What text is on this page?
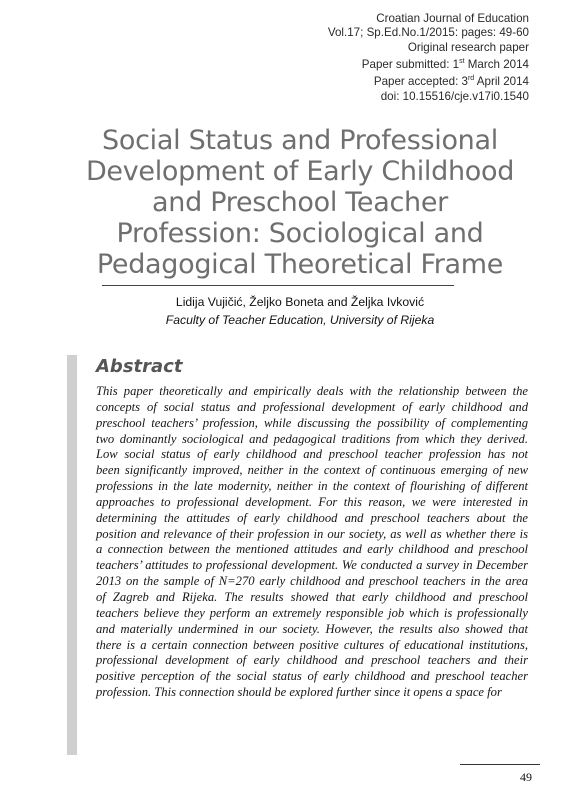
Croatian Journal of Education
Vol.17; Sp.Ed.No.1/2015: pages: 49-60
Original research paper
Paper submitted: 1st March 2014
Paper accepted: 3rd April 2014
doi: 10.15516/cje.v17i0.1540
Social Status and Professional
Development of Early Childhood
and Preschool Teacher
Profession: Sociological and
Pedagogical Theoretical Frame
Lidija Vujičić, Željko Boneta and Željka Ivković
Faculty of Teacher Education, University of Rijeka
Abstract
This paper theoretically and empirically deals with the relationship between the
concepts of social status and professional development of early childhood and
preschool teachers’ profession, while discussing the possibility of complementing
two dominantly sociological and pedagogical traditions from which they derived.
Low social status of early childhood and preschool teacher profession has not
been significantly improved, neither in the context of continuous emerging of new
professions in the late modernity, neither in the context of flourishing of different
approaches to professional development. For this reason, we were interested in
determining the attitudes of early childhood and preschool teachers about the
position and relevance of their profession in our society, as well as whether there is
a connection between the mentioned attitudes and early childhood and preschool
teachers’ attitudes to professional development. We conducted a survey in December
2013 on the sample of N=270 early childhood and preschool teachers in the area
of Zagreb and Rijeka. The results showed that early childhood and preschool
teachers believe they perform an extremely responsible job which is professionally
and materially undermined in our society. However, the results also showed that
there is a certain connection between positive cultures of educational institutions,
professional development of early childhood and preschool teachers and their
positive perception of the social status of early childhood and preschool teacher
profession. This connection should be explored further since it opens a space for
49
